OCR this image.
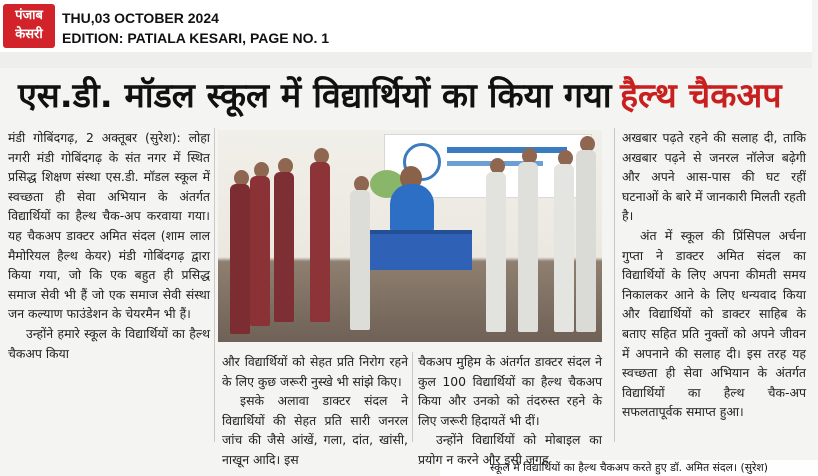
पंजाब
केसरी
THU,03 OCTOBER 2024
EDITION: PATIALA KESARI, PAGE NO. 1
एस.डी. मॉडल स्कूल में विद्यार्थियों का किया गया हैल्थ चैकअप

मंडी गोबिंदगढ़, 2 अक्तूबर (सुरेश): लोहा नगरी मंडी गोबिंदगढ़ के संत नगर में स्थित प्रसिद्ध शिक्षण संस्था एस.डी. मॉडल स्कूल में स्वच्छता ही सेवा अभियान के अंतर्गत विद्यार्थियों का हैल्थ चैक-अप करवाया गया। यह चैकअप डाक्टर अमित संदल (शाम लाल मैमोरियल हैल्थ केयर) मंडी गोबिंदगढ़ द्वारा किया गया, जो कि एक बहुत ही प्रसिद्ध समाज सेवी भी हैं जो एक समाज सेवी संस्था जन कल्याण फाउंडेशन के चेयरमैन भी हैं।

उन्होंने हमारे स्कूल के विद्यार्थियों का हैल्थ चैकअप किया

स्कूल में विद्यार्थियों का हैल्थ चैकअप करते हुए डॉ. अमित संदल। (सुरेश)

और विद्यार्थियों को सेहत प्रति निरोग रहने के लिए कुछ जरूरी नुस्खे भी सांझे किए।

इसके अलावा डाक्टर संदल ने विद्यार्थियों की सेहत प्रति सारी जनरल जांच की जैसे आंखें, गला, दांत, खांसी, नाखून आदि। इस

चैकअप मुहिम के अंतर्गत डाक्टर संदल ने कुल 100 विद्यार्थियों का हैल्थ चैकअप किया और उनको को तंदरुस्त रहने के लिए जरूरी हिदायतें भी दीं।

उन्होंने विद्यार्थियों को मोबाइल का प्रयोग न करने और इसी जगह

अखबार पढ़ते रहने की सलाह दी, ताकि अखबार पढ़ने से जनरल नॉलेज बढ़ेगी और अपने आस-पास की घट रहीं घटनाओं के बारे में जानकारी मिलती रहती है।

अंत में स्कूल की प्रिंसिपल अर्चना गुप्ता ने डाक्टर अमित संदल का विद्यार्थियों के लिए अपना कीमती समय निकालकर आने के लिए धन्यवाद किया और विद्यार्थियों को डाक्टर साहिब के बताए सहित प्रति नुक्तों को अपने जीवन में अपनाने की सलाह दी। इस तरह यह स्वच्छता ही सेवा अभियान के अंतर्गत विद्यार्थियों का हैल्थ चैक-अप सफलतापूर्वक समाप्त हुआ।
